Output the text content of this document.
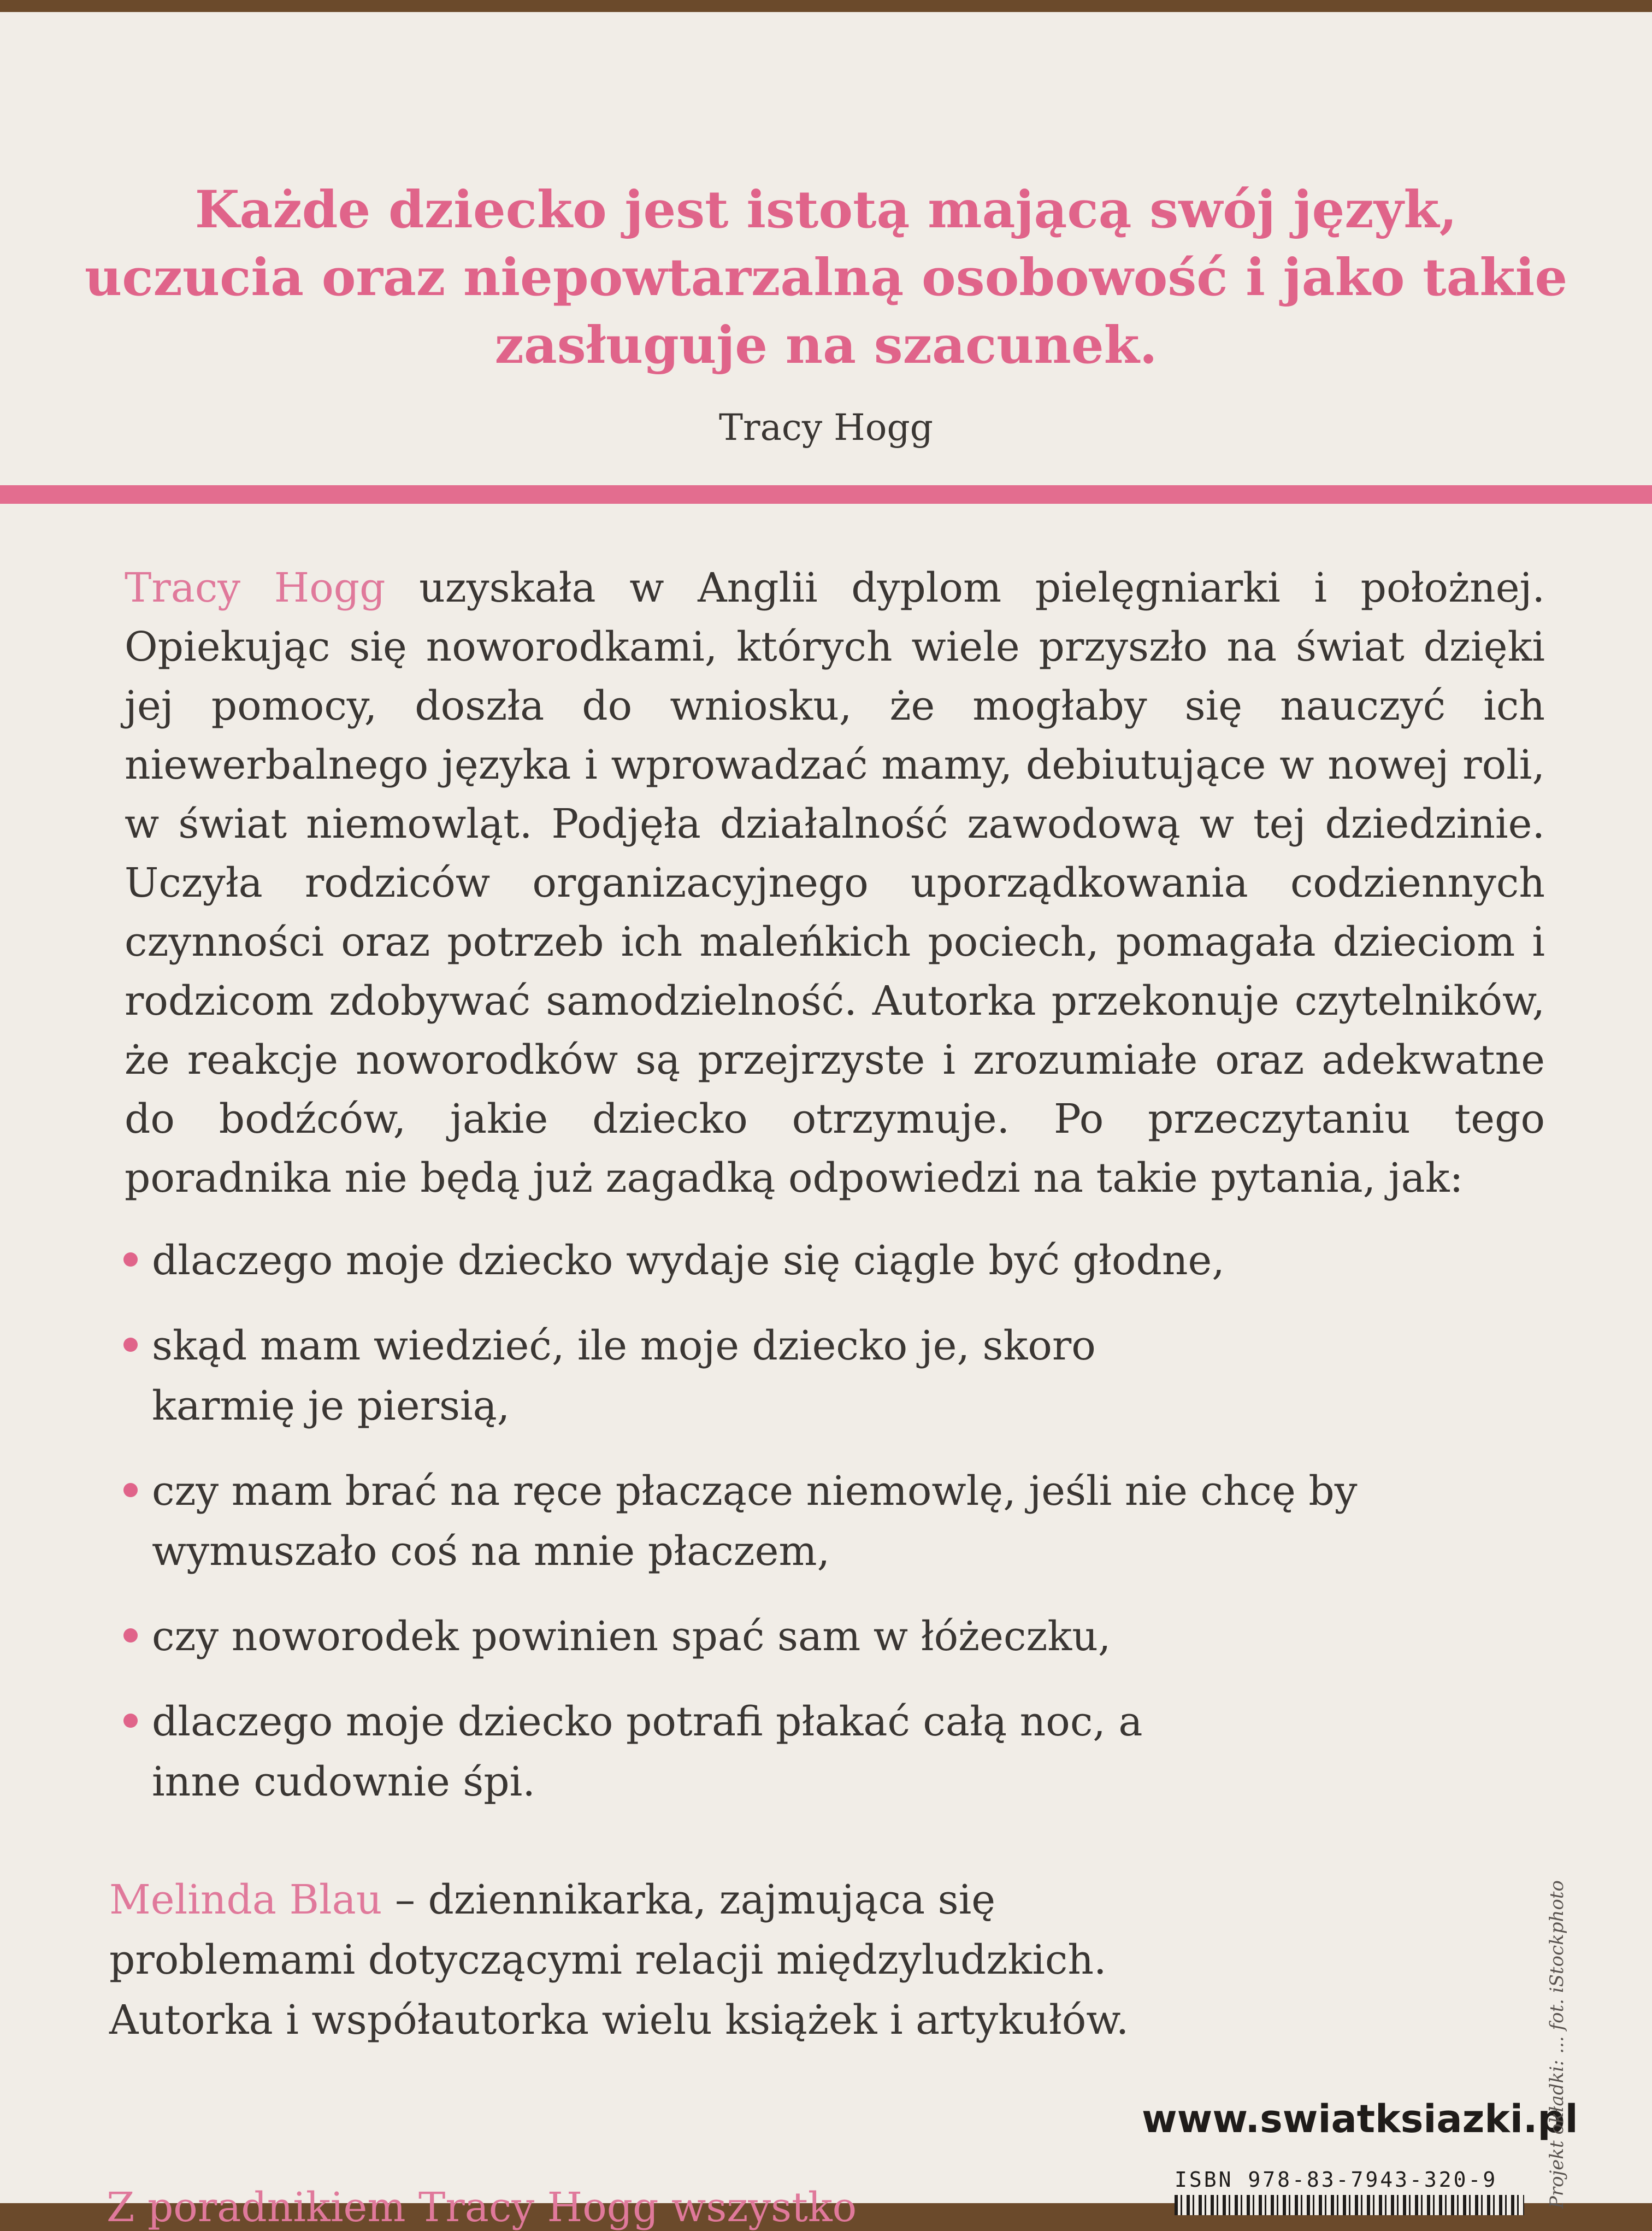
Każde dziecko jest istotą mającą swój język,
uczucia oraz niepowtarzalną osobowość i jako takie
zasługuje na szacunek.
Tracy Hogg
Tracy Hogg uzyskała w Anglii dyplom pielęgniarki i położnej. Opiekując się noworodkami, których wiele przyszło na świat dzięki jej pomocy, doszła do wniosku, że mogłaby się nauczyć ich niewerbalnego języka i wprowadzać mamy, debiutujące w nowej roli, w świat niemowląt. Podjęła działalność zawodową w tej dziedzinie. Uczyła rodziców organizacyjnego uporządkowania codziennych czynności oraz potrzeb ich maleńkich pociech, pomagała dzieciom i rodzicom zdobywać samodzielność. Autorka przekonuje czytelników, że reakcje noworodków są przejrzyste i zrozumiałe oraz adekwatne do bodźców, jakie dziecko otrzymuje. Po przeczytaniu tego poradnika nie będą już zagadką odpowiedzi na takie pytania, jak:
dlaczego moje dziecko wydaje się ciągle być głodne,
skąd mam wiedzieć, ile moje dziecko je, skoro karmię je piersią,
czy mam brać na ręce płaczące niemowlę, jeśli nie chcę by wymuszało coś na mnie płaczem,
czy noworodek powinien spać sam w łóżeczku,
dlaczego moje dziecko potrafi płakać całą noc, a inne cudownie śpi.
Melinda Blau – dziennikarka, zajmująca się problemami dotyczącymi relacji międzyludzkich. Autorka i współautorka wielu książek i artykułów.
www.swiatksiazki.pl
ISBN 978-83-7943-320-9	Projekt okładki: ... fot. iStockphoto
Z poradnikiem Tracy Hogg wszystko
